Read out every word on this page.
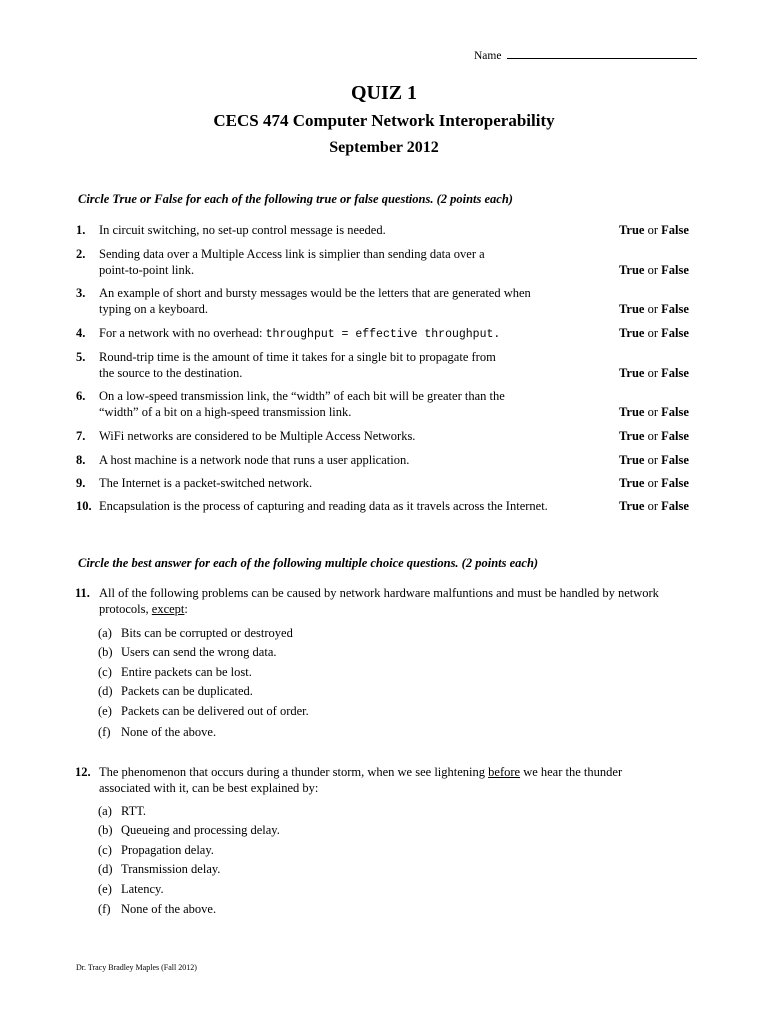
Name
QUIZ 1
CECS 474 Computer Network Interoperability
September 2012
Circle True or False for each of the following true or false questions. (2 points each)
1.	In circuit switching, no set-up control message is needed.	True or False
2.	Sending data over a Multiple Access link is simplier than sending data over a
point-to-point link.	True or False
3.	An example of short and bursty messages would be the letters that are generated when
typing on a keyboard.	True or False
4.	For a network with no overhead: throughput = effective throughput.	True or False
5.	Round-trip time is the amount of time it takes for a single bit to propagate from
the source to the destination.	True or False
6.	On a low-speed transmission link, the “width” of each bit will be greater than the
“width” of a bit on a high-speed transmission link.	True or False
7.	WiFi networks are considered to be Multiple Access Networks.	True or False
8.	A host machine is a network node that runs a user application.	True or False
9.	The Internet is a packet-switched network.	True or False
10. Encapsulation is the process of capturing and reading data as it travels across the Internet.	True or False
Circle the best answer for each of the following multiple choice questions. (2 points each)
11. All of the following problems can be caused by network hardware malfuntions and must be handled by network protocols, except:
(a) Bits can be corrupted or destroyed
(b) Users can send the wrong data.
(c) Entire packets can be lost.
(d) Packets can be duplicated.
(e) Packets can be delivered out of order.
(f) None of the above.
12. The phenomenon that occurs during a thunder storm, when we see lightening before we hear the thunder associated with it, can be best explained by:
(a) RTT.
(b) Queueing and processing delay.
(c) Propagation delay.
(d) Transmission delay.
(e) Latency.
(f) None of the above.
Dr. Tracy Bradley Maples (Fall 2012)
